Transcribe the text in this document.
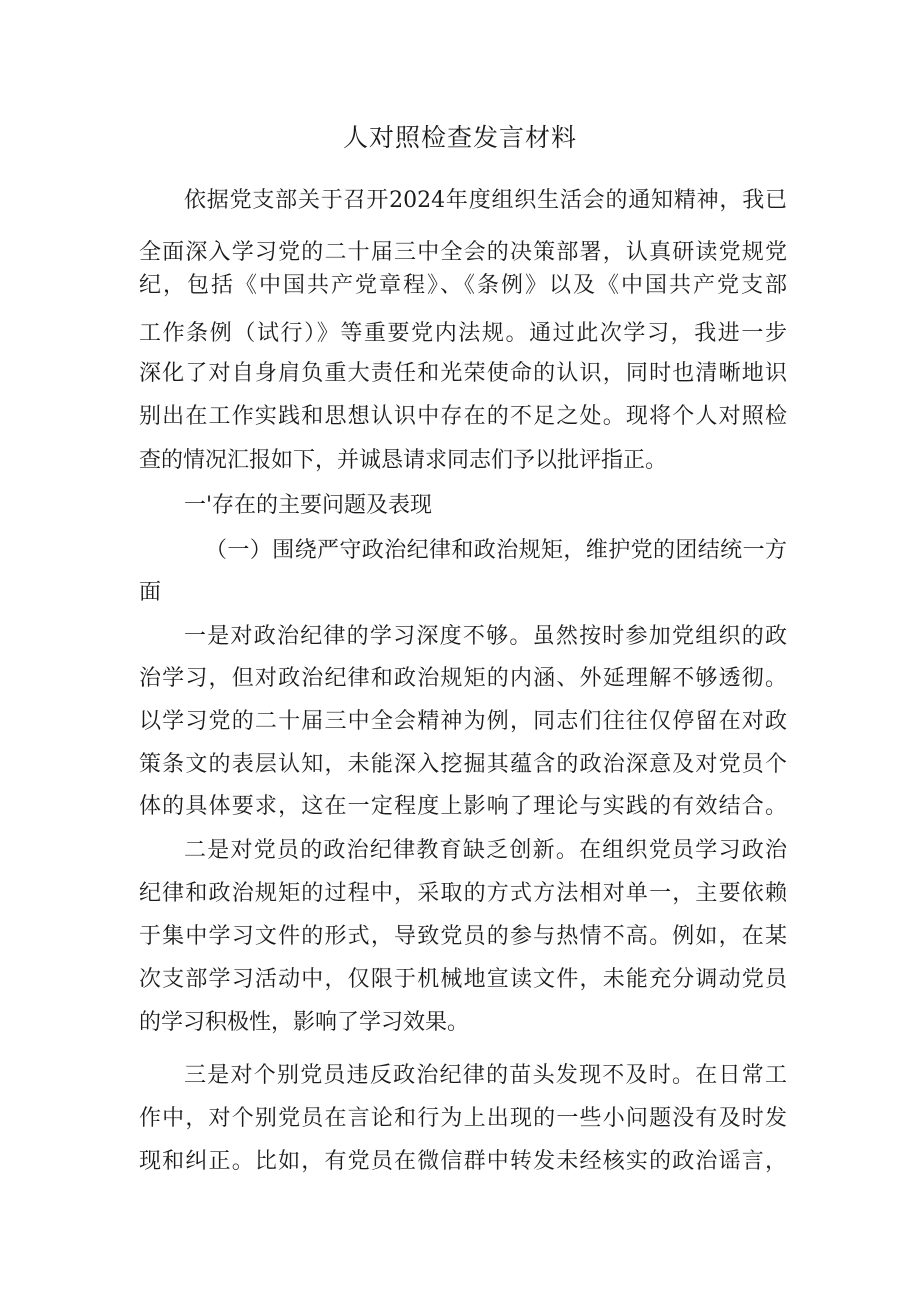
人对照检查发言材料
依据党支部关于召开2024年度组织生活会的通知精神，我已
全面深入学习党的二十届三中全会的决策部署，认真研读党规党
纪，包括《中国共产党章程》、《条例》以及《中国共产党支部
工作条例（试行）》等重要党内法规。通过此次学习，我进一步
深化了对自身肩负重大责任和光荣使命的认识，同时也清晰地识
别出在工作实践和思想认识中存在的不足之处。现将个人对照检
查的情况汇报如下，并诚恳请求同志们予以批评指正。
一'存在的主要问题及表现
（一）围绕严守政治纪律和政治规矩，维护党的团结统一方
面
一是对政治纪律的学习深度不够。虽然按时参加党组织的政
治学习，但对政治纪律和政治规矩的内涵、外延理解不够透彻。
以学习党的二十届三中全会精神为例，同志们往往仅停留在对政
策条文的表层认知，未能深入挖掘其蕴含的政治深意及对党员个
体的具体要求，这在一定程度上影响了理论与实践的有效结合。
二是对党员的政治纪律教育缺乏创新。在组织党员学习政治
纪律和政治规矩的过程中，采取的方式方法相对单一，主要依赖
于集中学习文件的形式，导致党员的参与热情不高。例如，在某
次支部学习活动中，仅限于机械地宣读文件，未能充分调动党员
的学习积极性，影响了学习效果。
三是对个别党员违反政治纪律的苗头发现不及时。在日常工
作中，对个别党员在言论和行为上出现的一些小问题没有及时发
现和纠正。比如，有党员在微信群中转发未经核实的政治谣言，
